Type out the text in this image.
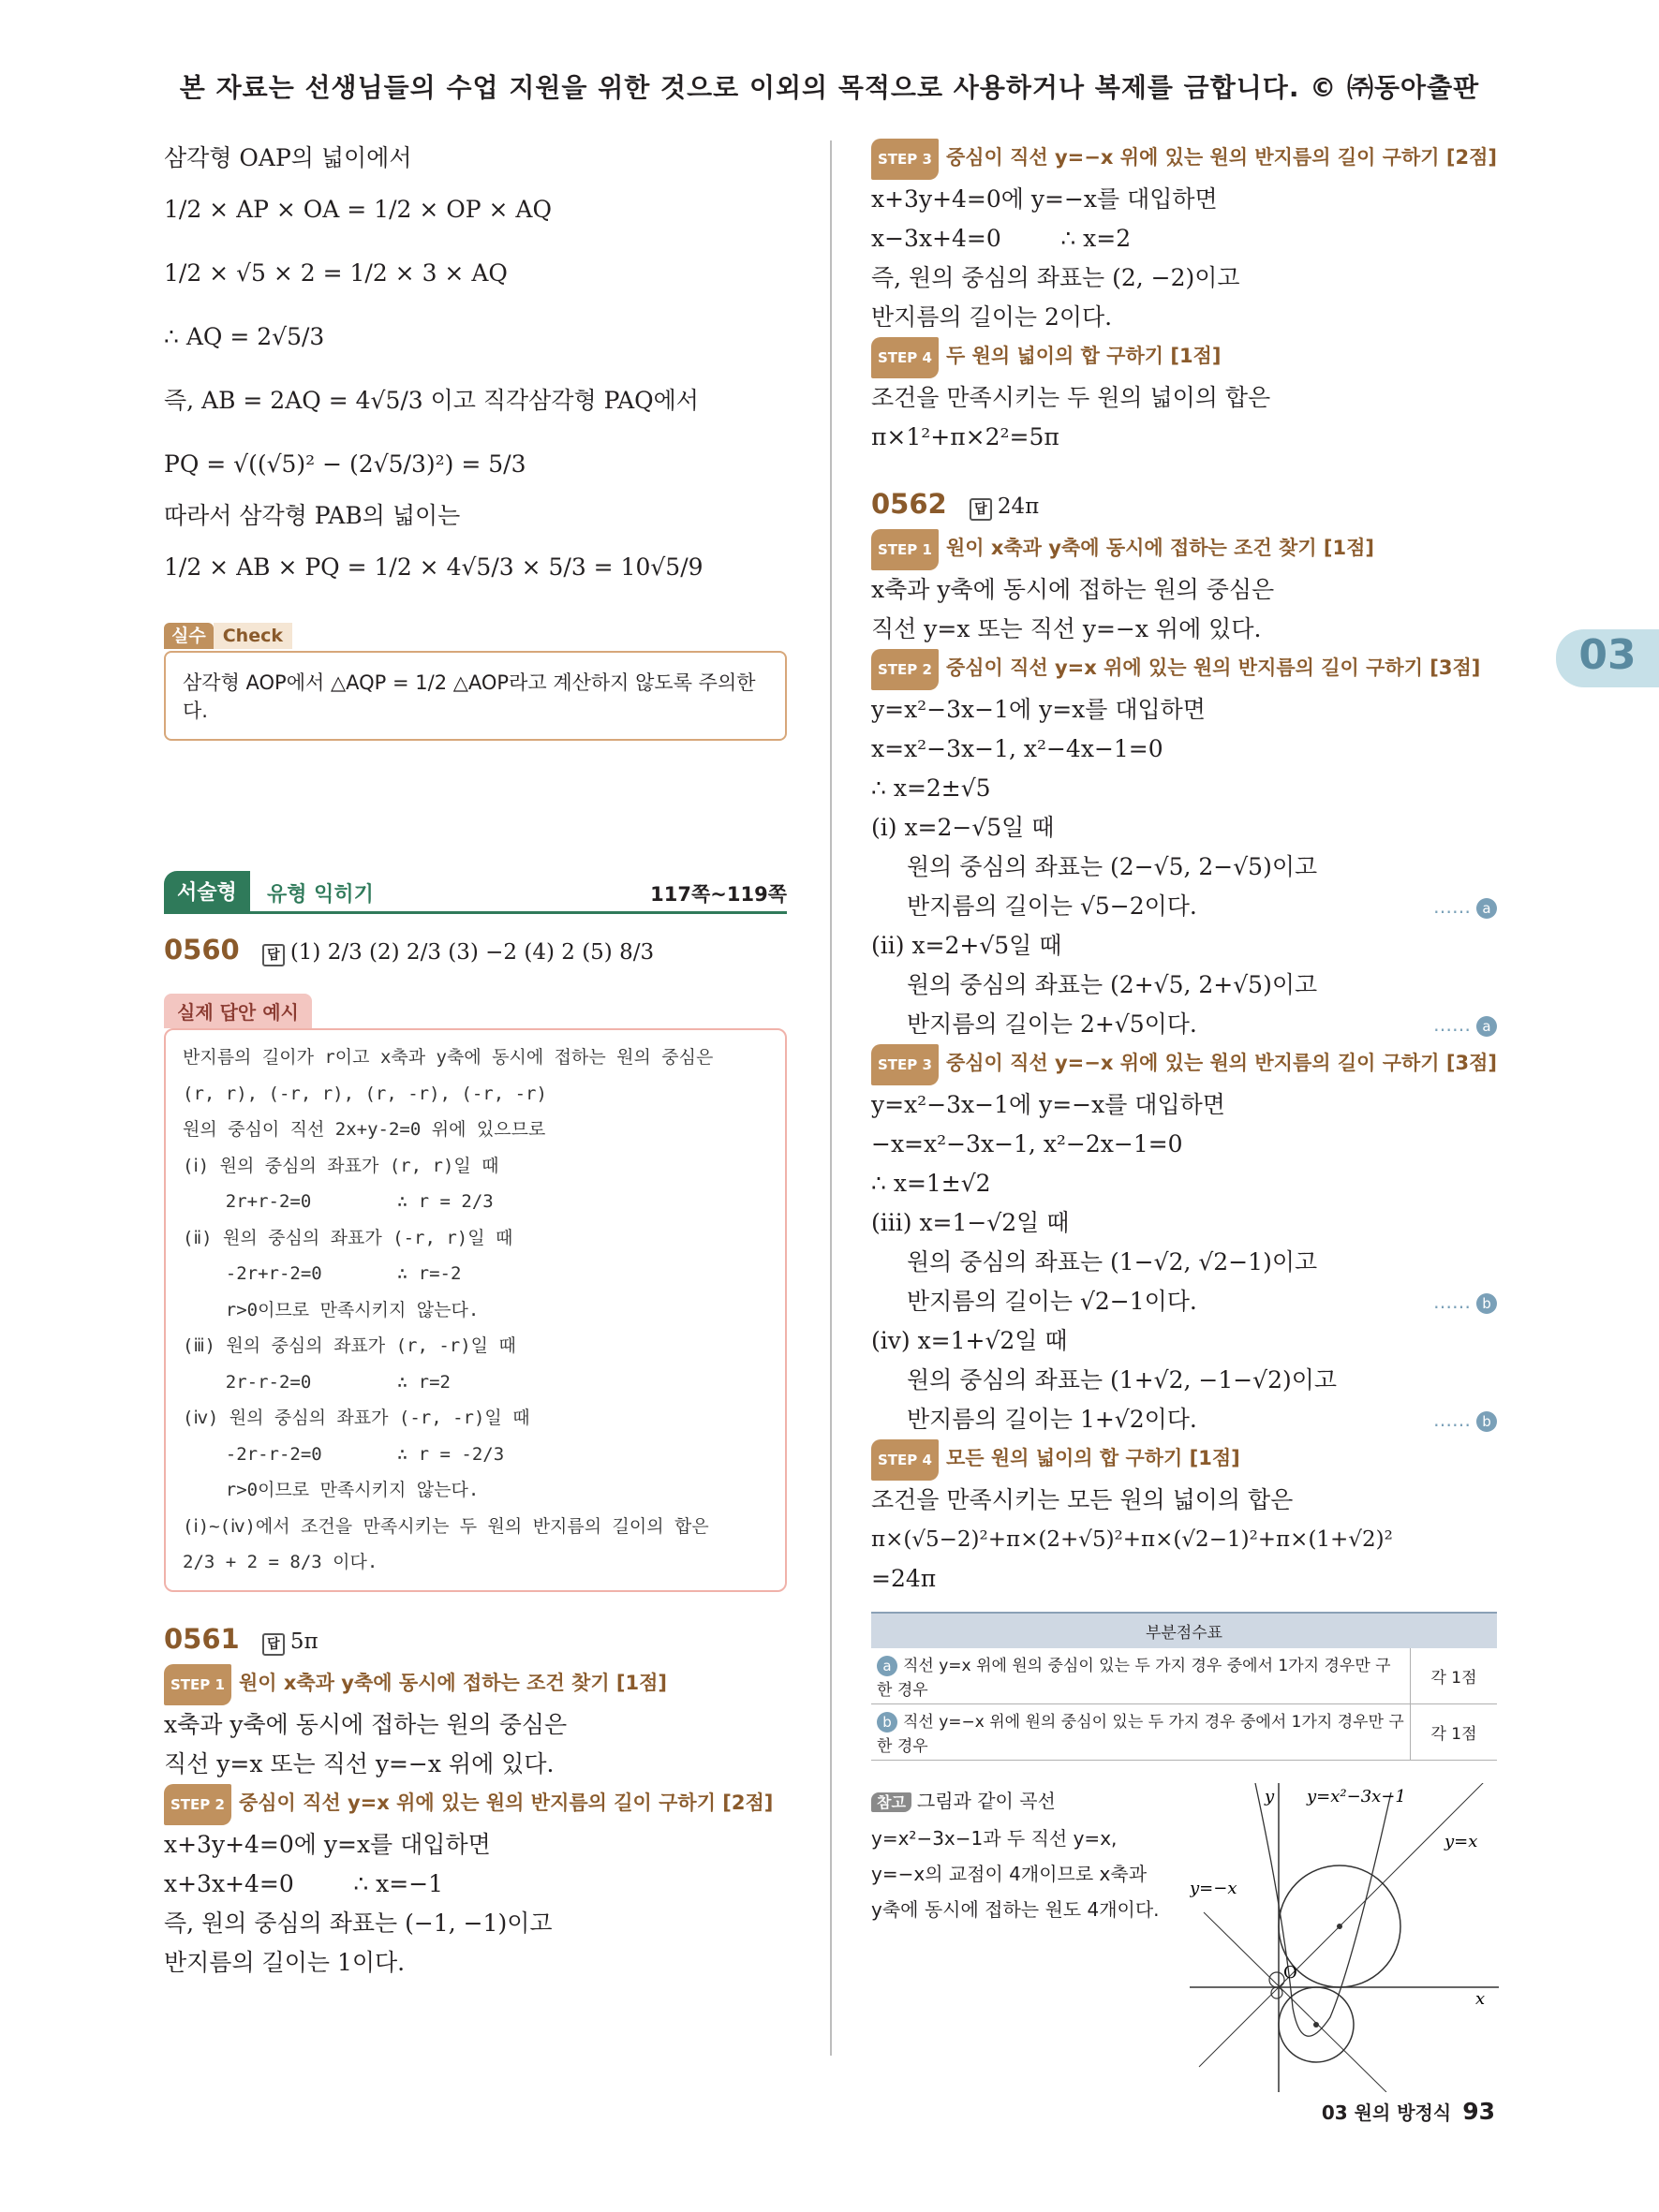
본 자료는 선생님들의 수업 지원을 위한 것으로 이외의 목적으로 사용하거나 복제를 금합니다. © ㈜동아출판
삼각형 OAP의 넓이에서
1/2 × AP × OA = 1/2 × OP × AQ
1/2 × √5 × 2 = 1/2 × 3 × AQ
∴ AQ = 2√5/3
즉, AB = 2AQ = 4√5/3 이고 직각삼각형 PAQ에서
PQ = √((√5)² − (2√5/3)²) = 5/3
따라서 삼각형 PAB의 넓이는
1/2 × AB × PQ = 1/2 × 4√5/3 × 5/3 = 10√5/9
실수 Check
삼각형 AOP에서 △AQP = 1/2 △AOP라고 계산하지 않도록 주의한다.
서술형	유형 익히기	117쪽~119쪽
0560 답 (1) 2/3 (2) 2/3 (3) −2 (4) 2 (5) 8/3
실제 답안 예시
반지름의 길이가 r이고 x축과 y축에 동시에 접하는 원의 중심은
(r, r), (-r, r), (r, -r), (-r, -r)
원의 중심이 직선 2x+y-2=0 위에 있으므로
(ⅰ) 원의 중심의 좌표가 (r, r)일 때
2r+r-2=0        ∴ r = 2/3
(ⅱ) 원의 중심의 좌표가 (-r, r)일 때
-2r+r-2=0       ∴ r=-2
r>0이므로 만족시키지 않는다.
(ⅲ) 원의 중심의 좌표가 (r, -r)일 때
2r-r-2=0        ∴ r=2
(ⅳ) 원의 중심의 좌표가 (-r, -r)일 때
-2r-r-2=0       ∴ r = -2/3
r>0이므로 만족시키지 않는다.
(ⅰ)~(ⅳ)에서 조건을 만족시키는 두 원의 반지름의 길이의 합은
2/3 + 2 = 8/3 이다.
0561 답 5π
STEP 1 원이 x축과 y축에 동시에 접하는 조건 찾기 [1점]
x축과 y축에 동시에 접하는 원의 중심은
직선 y=x 또는 직선 y=−x 위에 있다.
STEP 2 중심이 직선 y=x 위에 있는 원의 반지름의 길이 구하기 [2점]
x+3y+4=0에 y=x를 대입하면
x+3x+4=0        ∴ x=−1
즉, 원의 중심의 좌표는 (−1, −1)이고
반지름의 길이는 1이다.
STEP 3 중심이 직선 y=−x 위에 있는 원의 반지름의 길이 구하기 [2점]
x+3y+4=0에 y=−x를 대입하면
x−3x+4=0        ∴ x=2
즉, 원의 중심의 좌표는 (2, −2)이고
반지름의 길이는 2이다.
STEP 4 두 원의 넓이의 합 구하기 [1점]
조건을 만족시키는 두 원의 넓이의 합은
π×1²+π×2²=5π
0562 답 24π
STEP 1 원이 x축과 y축에 동시에 접하는 조건 찾기 [1점]
x축과 y축에 동시에 접하는 원의 중심은
직선 y=x 또는 직선 y=−x 위에 있다.
STEP 2 중심이 직선 y=x 위에 있는 원의 반지름의 길이 구하기 [3점]
y=x²−3x−1에 y=x를 대입하면
x=x²−3x−1, x²−4x−1=0
∴ x=2±√5
(ⅰ) x=2−√5일 때
원의 중심의 좌표는 (2−√5, 2−√5)이고
반지름의 길이는 √5−2이다.	…… a
(ⅱ) x=2+√5일 때
원의 중심의 좌표는 (2+√5, 2+√5)이고
반지름의 길이는 2+√5이다.	…… a
STEP 3 중심이 직선 y=−x 위에 있는 원의 반지름의 길이 구하기 [3점]
y=x²−3x−1에 y=−x를 대입하면
−x=x²−3x−1, x²−2x−1=0
∴ x=1±√2
(ⅲ) x=1−√2일 때
원의 중심의 좌표는 (1−√2, √2−1)이고
반지름의 길이는 √2−1이다.	…… b
(ⅳ) x=1+√2일 때
원의 중심의 좌표는 (1+√2, −1−√2)이고
반지름의 길이는 1+√2이다.	…… b
STEP 4 모든 원의 넓이의 합 구하기 [1점]
조건을 만족시키는 모든 원의 넓이의 합은
π×(√5−2)²+π×(2+√5)²+π×(√2−1)²+π×(1+√2)²
=24π
부분점수표	
a 직선 y=x 위에 원의 중심이 있는 두 가지 경우 중에서 1가지 경우만 구한 경우	각 1점
b 직선 y=−x 위에 원의 중심이 있는 두 가지 경우 중에서 1가지 경우만 구한 경우	각 1점
참고 그림과 같이 곡선
y=x²−3x−1과 두 직선 y=x,
y=−x의 교점이 4개이므로 x축과
y축에 동시에 접하는 원도 4개이다.
y y=x²−3x−1
y=x
y=−x
O
x
03
03 원의 방정식 93
